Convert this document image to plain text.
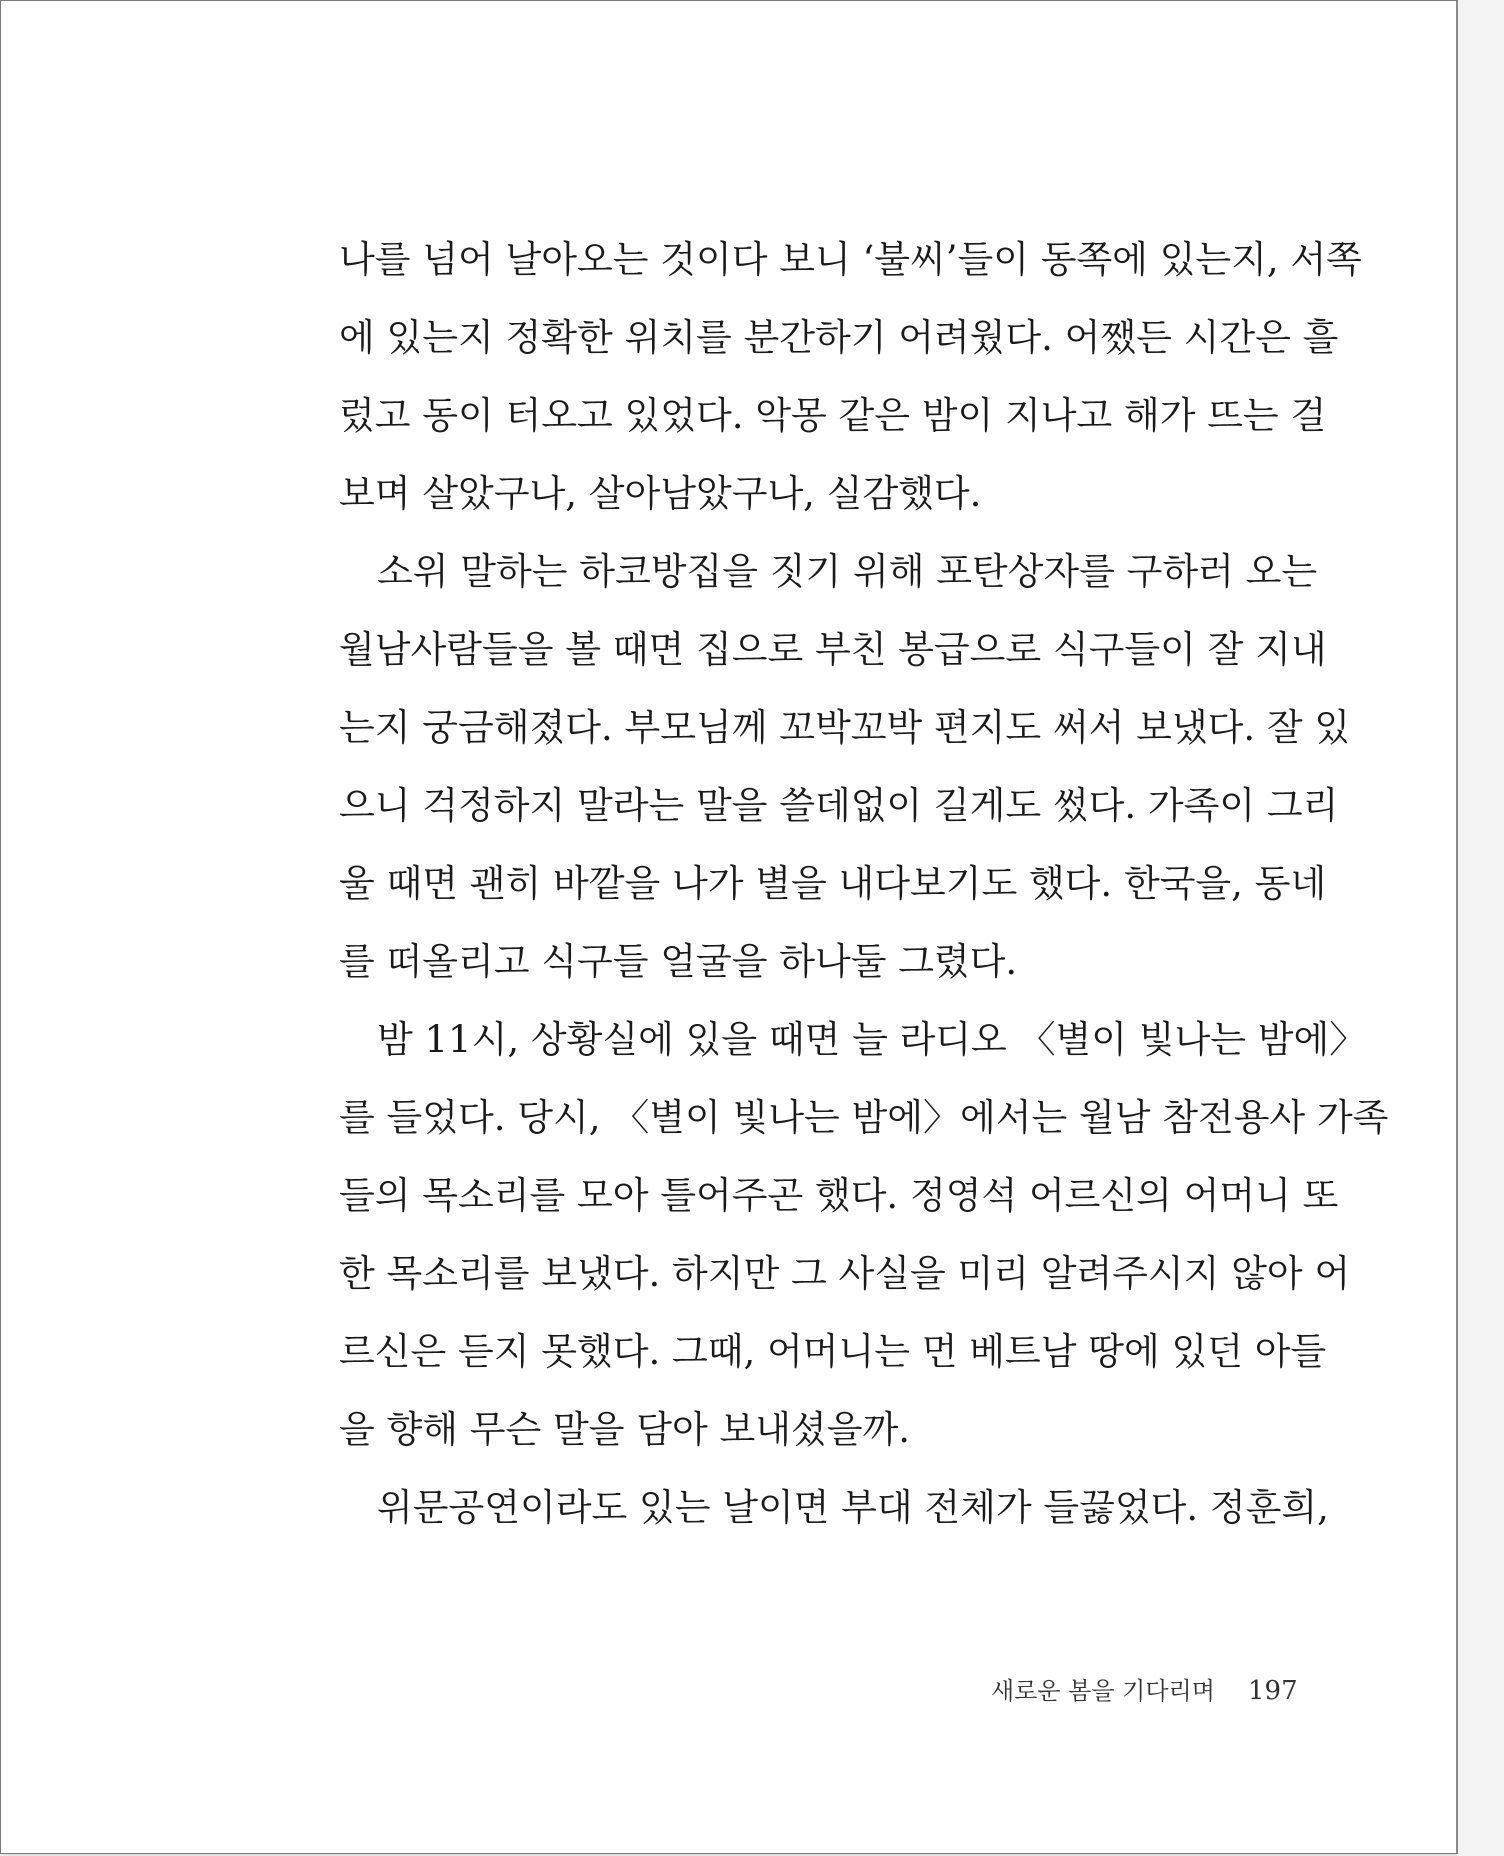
나를 넘어 날아오는 것이다 보니 ‘불씨’들이 동쪽에 있는지, 서쪽
에 있는지 정확한 위치를 분간하기 어려웠다. 어쨌든 시간은 흘
렀고 동이 터오고 있었다. 악몽 같은 밤이 지나고 해가 뜨는 걸
보며 살았구나, 살아남았구나, 실감했다.
소위 말하는 하코방집을 짓기 위해 포탄상자를 구하러 오는
월남사람들을 볼 때면 집으로 부친 봉급으로 식구들이 잘 지내
는지 궁금해졌다. 부모님께 꼬박꼬박 편지도 써서 보냈다. 잘 있
으니 걱정하지 말라는 말을 쓸데없이 길게도 썼다. 가족이 그리
울 때면 괜히 바깥을 나가 별을 내다보기도 했다. 한국을, 동네
를 떠올리고 식구들 얼굴을 하나둘 그렸다.
밤 11시, 상황실에 있을 때면 늘 라디오 〈별이 빛나는 밤에〉
를 들었다. 당시, 〈별이 빛나는 밤에〉에서는 월남 참전용사 가족
들의 목소리를 모아 틀어주곤 했다. 정영석 어르신의 어머니 또
한 목소리를 보냈다. 하지만 그 사실을 미리 알려주시지 않아 어
르신은 듣지 못했다. 그때, 어머니는 먼 베트남 땅에 있던 아들
을 향해 무슨 말을 담아 보내셨을까.
위문공연이라도 있는 날이면 부대 전체가 들끓었다. 정훈희,
새로운 봄을 기다리며 197
